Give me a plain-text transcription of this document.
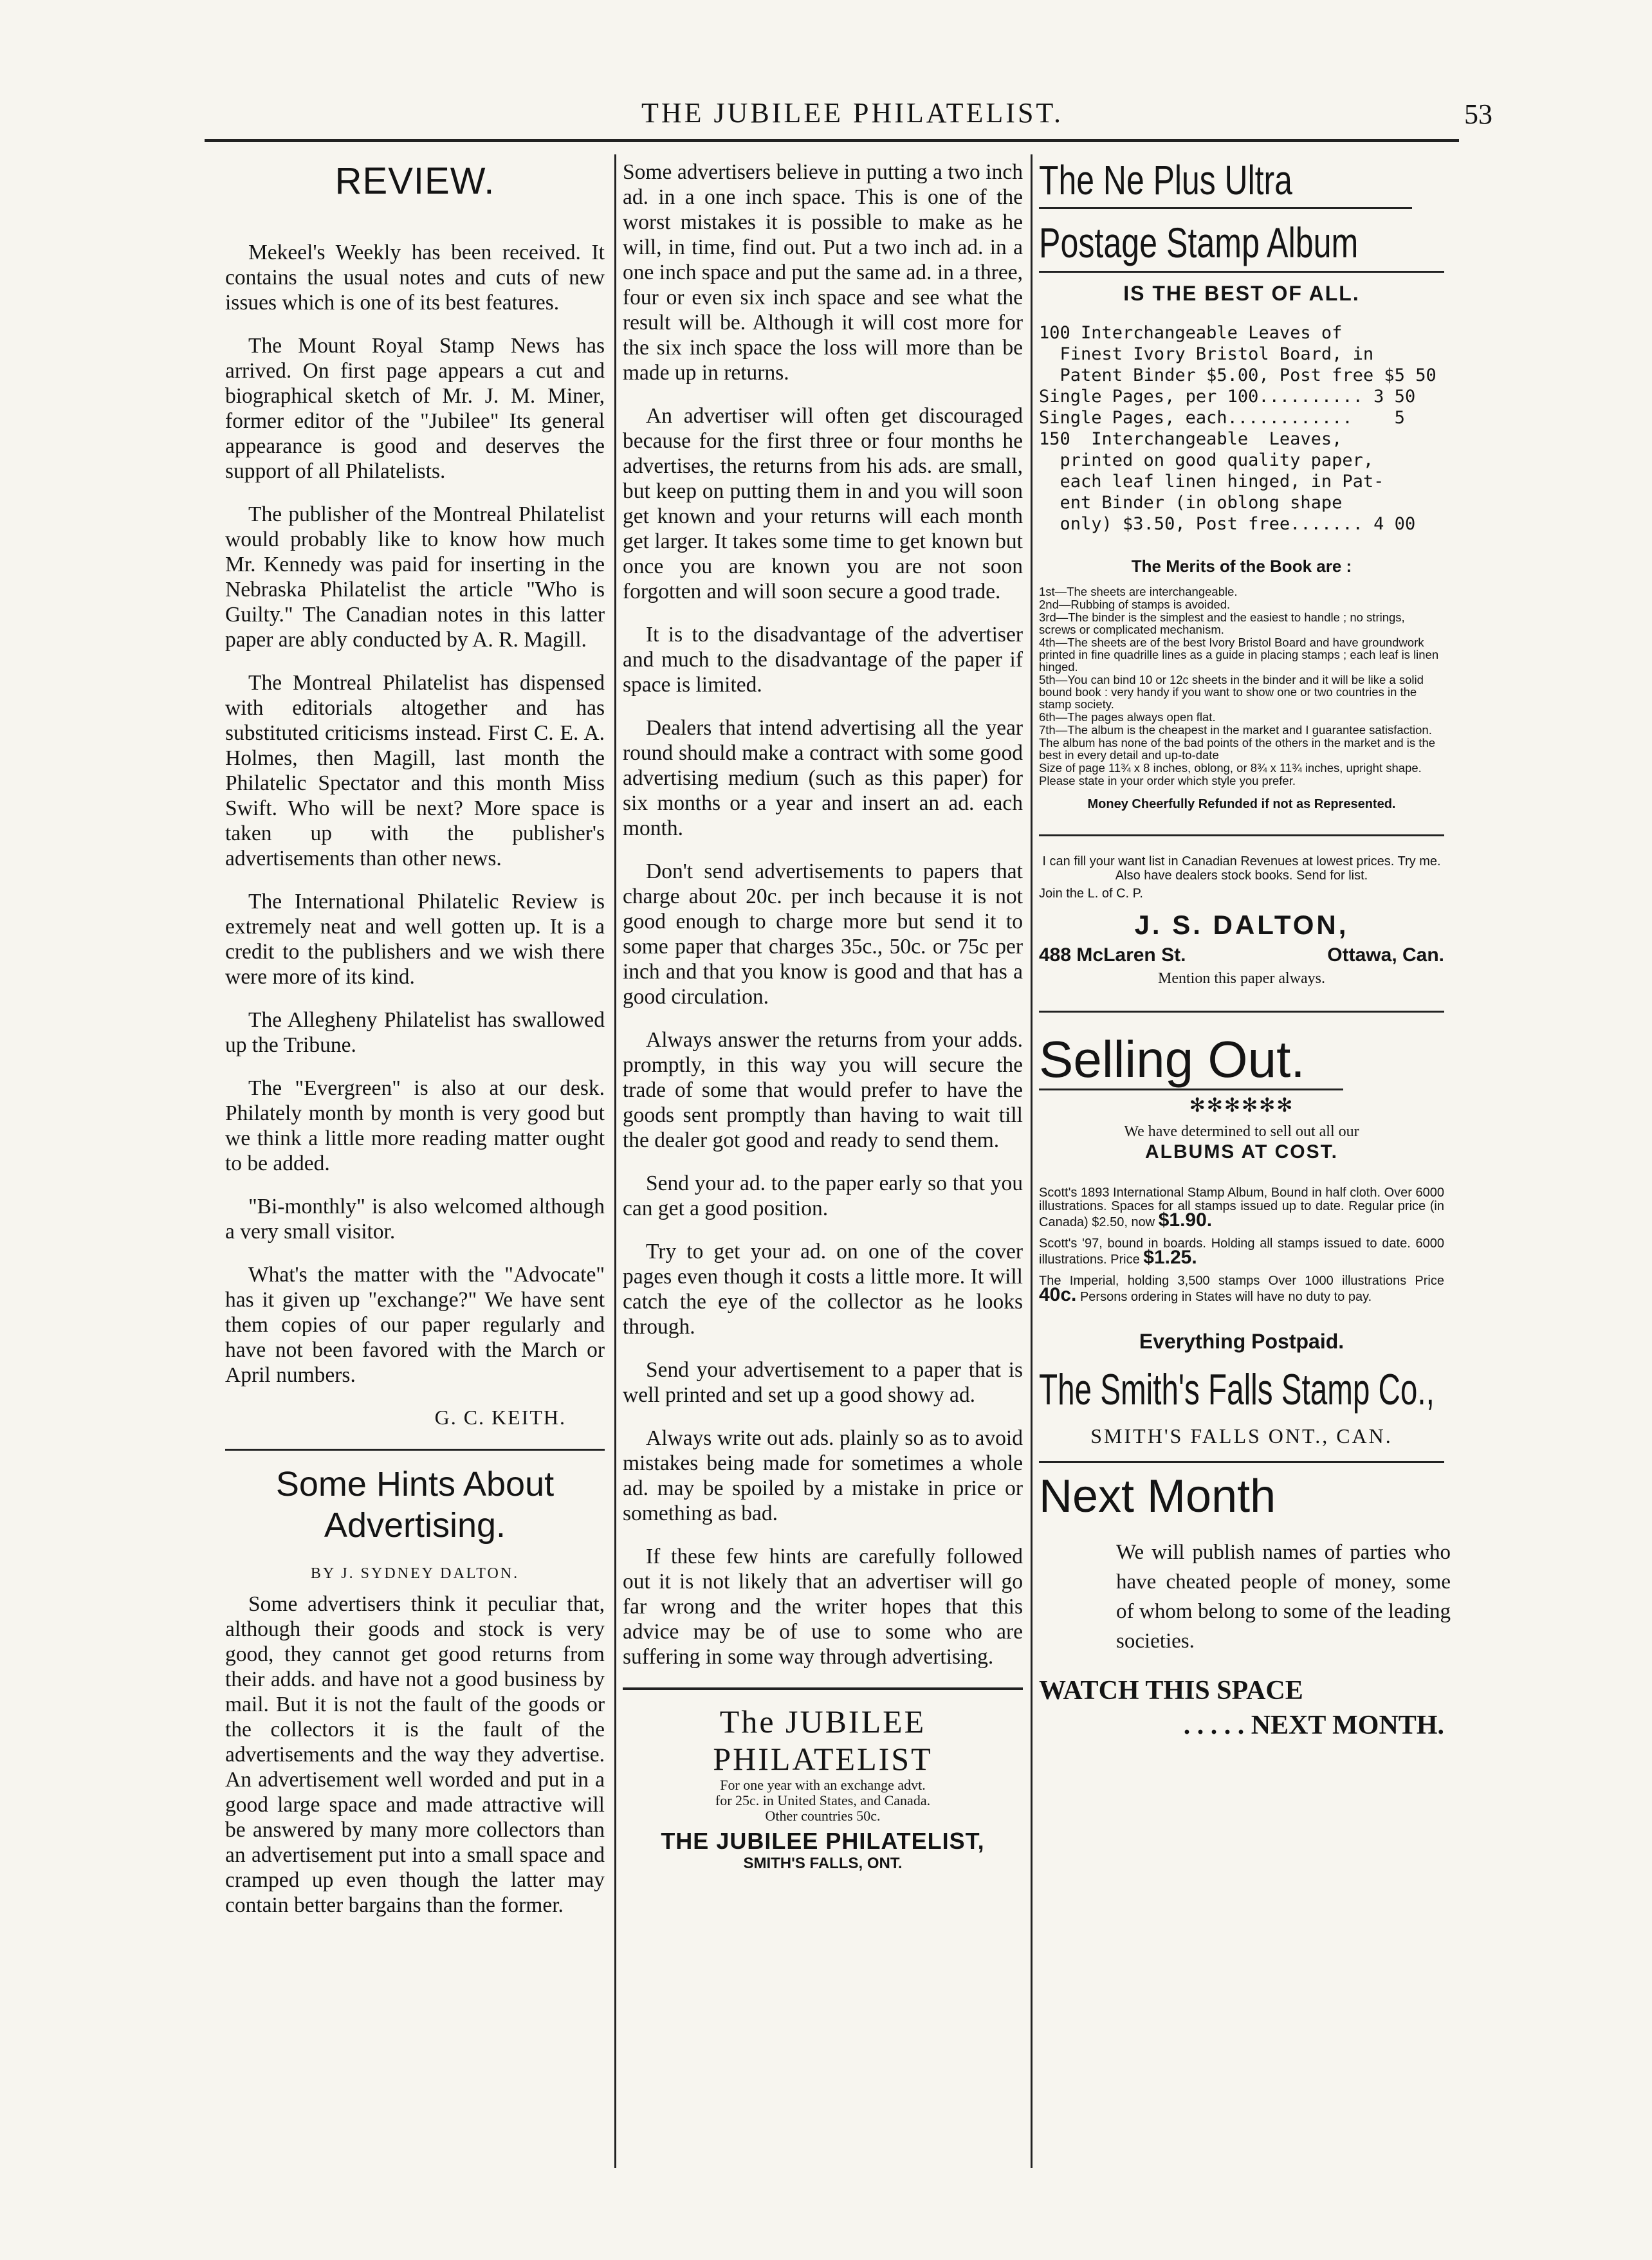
THE JUBILEE PHILATELIST.	53
REVIEW.

Mekeel's Weekly has been received. It contains the usual notes and cuts of new issues which is one of its best features.

The Mount Royal Stamp News has arrived. On first page appears a cut and biographical sketch of Mr. J. M. Miner, former editor of the "Jubilee" Its general appearance is good and deserves the support of all Philatelists.

The publisher of the Montreal Philatelist would probably like to know how much Mr. Kennedy was paid for inserting in the Nebraska Philatelist the article "Who is Guilty." The Canadian notes in this latter paper are ably conducted by A. R. Magill.

The Montreal Philatelist has dispensed with editorials altogether and has substituted criticisms instead. First C. E. A. Holmes, then Magill, last month the Philatelic Spectator and this month Miss Swift. Who will be next? More space is taken up with the publisher's advertisements than other news.

The International Philatelic Review is extremely neat and well gotten up. It is a credit to the publishers and we wish there were more of its kind.

The Allegheny Philatelist has swallowed up the Tribune.

The "Evergreen" is also at our desk. Philately month by month is very good but we think a little more reading matter ought to be added.

"Bi-monthly" is also welcomed although a very small visitor.

What's the matter with the "Advocate" has it given up "exchange?" We have sent them copies of our paper regularly and have not been favored with the March or April numbers.

G. C. KEITH.
Some Hints About Advertising.
BY J. SYDNEY DALTON.

Some advertisers think it peculiar that, although their goods and stock is very good, they cannot get good returns from their adds. and have not a good business by mail. But it is not the fault of the goods or the collectors it is the fault of the advertisements and the way they advertise. An advertisement well worded and put in a good large space and made attractive will be answered by many more collectors than an advertisement put into a small space and cramped up even though the latter may contain better bargains than the former.

Some advertisers believe in putting a two inch ad. in a one inch space. This is one of the worst mistakes it is possible to make as he will, in time, find out. Put a two inch ad. in a one inch space and put the same ad. in a three, four or even six inch space and see what the result will be. Although it will cost more for the six inch space the loss will more than be made up in returns.

An advertiser will often get discouraged because for the first three or four months he advertises, the returns from his ads. are small, but keep on putting them in and you will soon get known and your returns will each month get larger. It takes some time to get known but once you are known you are not soon forgotten and will soon secure a good trade.

It is to the disadvantage of the advertiser and much to the disadvantage of the paper if space is limited.

Dealers that intend advertising all the year round should make a contract with some good advertising medium (such as this paper) for six months or a year and insert an ad. each month.

Don't send advertisements to papers that charge about 20c. per inch because it is not good enough to charge more but send it to some paper that charges 35c., 50c. or 75c per inch and that you know is good and that has a good circulation.

Always answer the returns from your adds. promptly, in this way you will secure the trade of some that would prefer to have the goods sent promptly than having to wait till the dealer got good and ready to send them.

Send your ad. to the paper early so that you can get a good position.

Try to get your ad. on one of the cover pages even though it costs a little more. It will catch the eye of the collector as he looks through.

Send your advertisement to a paper that is well printed and set up a good showy ad.

Always write out ads. plainly so as to avoid mistakes being made for sometimes a whole ad. may be spoiled by a mistake in price or something as bad.

If these few hints are carefully followed out it is not likely that an advertiser will go far wrong and the writer hopes that this advice may be of use to some who are suffering in some way through advertising.

The JUBILEE PHILATELIST
For one year with an exchange advt.
for 25c. in United States, and Canada.
Other countries 50c.
THE JUBILEE PHILATELIST,
SMITH'S FALLS, ONT.
The Ne Plus Ultra
Postage Stamp Album
IS THE BEST OF ALL.
100 Interchangeable Leaves of
Finest Ivory Bristol Board, in
Patent Binder $5.00, Post free $5 50
Single Pages, per 100.......... 3 50
Single Pages, each............    5
150  Interchangeable  Leaves,
printed on good quality paper,
each leaf linen hinged, in Pat-
ent Binder (in oblong shape
only) $3.50, Post free....... 4 00
The Merits of the Book are :
1st—The sheets are interchangeable.
2nd—Rubbing of stamps is avoided.
3rd—The binder is the simplest and the easiest to handle ; no strings, screws or complicated mechanism.
4th—The sheets are of the best Ivory Bristol Board and have groundwork printed in fine quadrille lines as a guide in placing stamps ; each leaf is linen hinged.
5th—You can bind 10 or 12c sheets in the binder and it will be like a solid bound book : very handy if you want to show one or two countries in the stamp society.
6th—The pages always open flat.
7th—The album is the cheapest in the market and I guarantee satisfaction.
The album has none of the bad points of the others in the market and is the best in every detail and up-to-date
Size of page 11¾ x 8 inches, oblong, or 8¾ x 11¾ inches, upright shape.
Please state in your order which style you prefer.
Money Cheerfully Refunded if not as Represented.
I can fill your want list in Canadian Revenues at lowest prices. Try me. Also have dealers stock books. Send for list.
Join the L. of C. P.
J. S. DALTON,
488 McLaren St.	Ottawa, Can.
Mention this paper always.
Selling Out.
✻✻✻✻✻✻
We have determined to sell out all our
ALBUMS AT COST.
Scott's 1893 International Stamp Album, Bound in half cloth. Over 6000 illustrations. Spaces for all stamps issued up to date. Regular price (in Canada) $2.50, now $1.90.
Scott's '97, bound in boards. Holding all stamps issued to date. 6000 illustrations. Price $1.25.
The Imperial, holding 3,500 stamps Over 1000 illustrations Price 40c. Persons ordering in States will have no duty to pay.
Everything Postpaid.
The Smith's Falls Stamp Co.,
SMITH'S FALLS ONT., CAN.
Next Month
We will publish names of parties who have cheated people of money, some of whom belong to some of the leading societies.
WATCH THIS SPACE
. . . . . NEXT MONTH.
